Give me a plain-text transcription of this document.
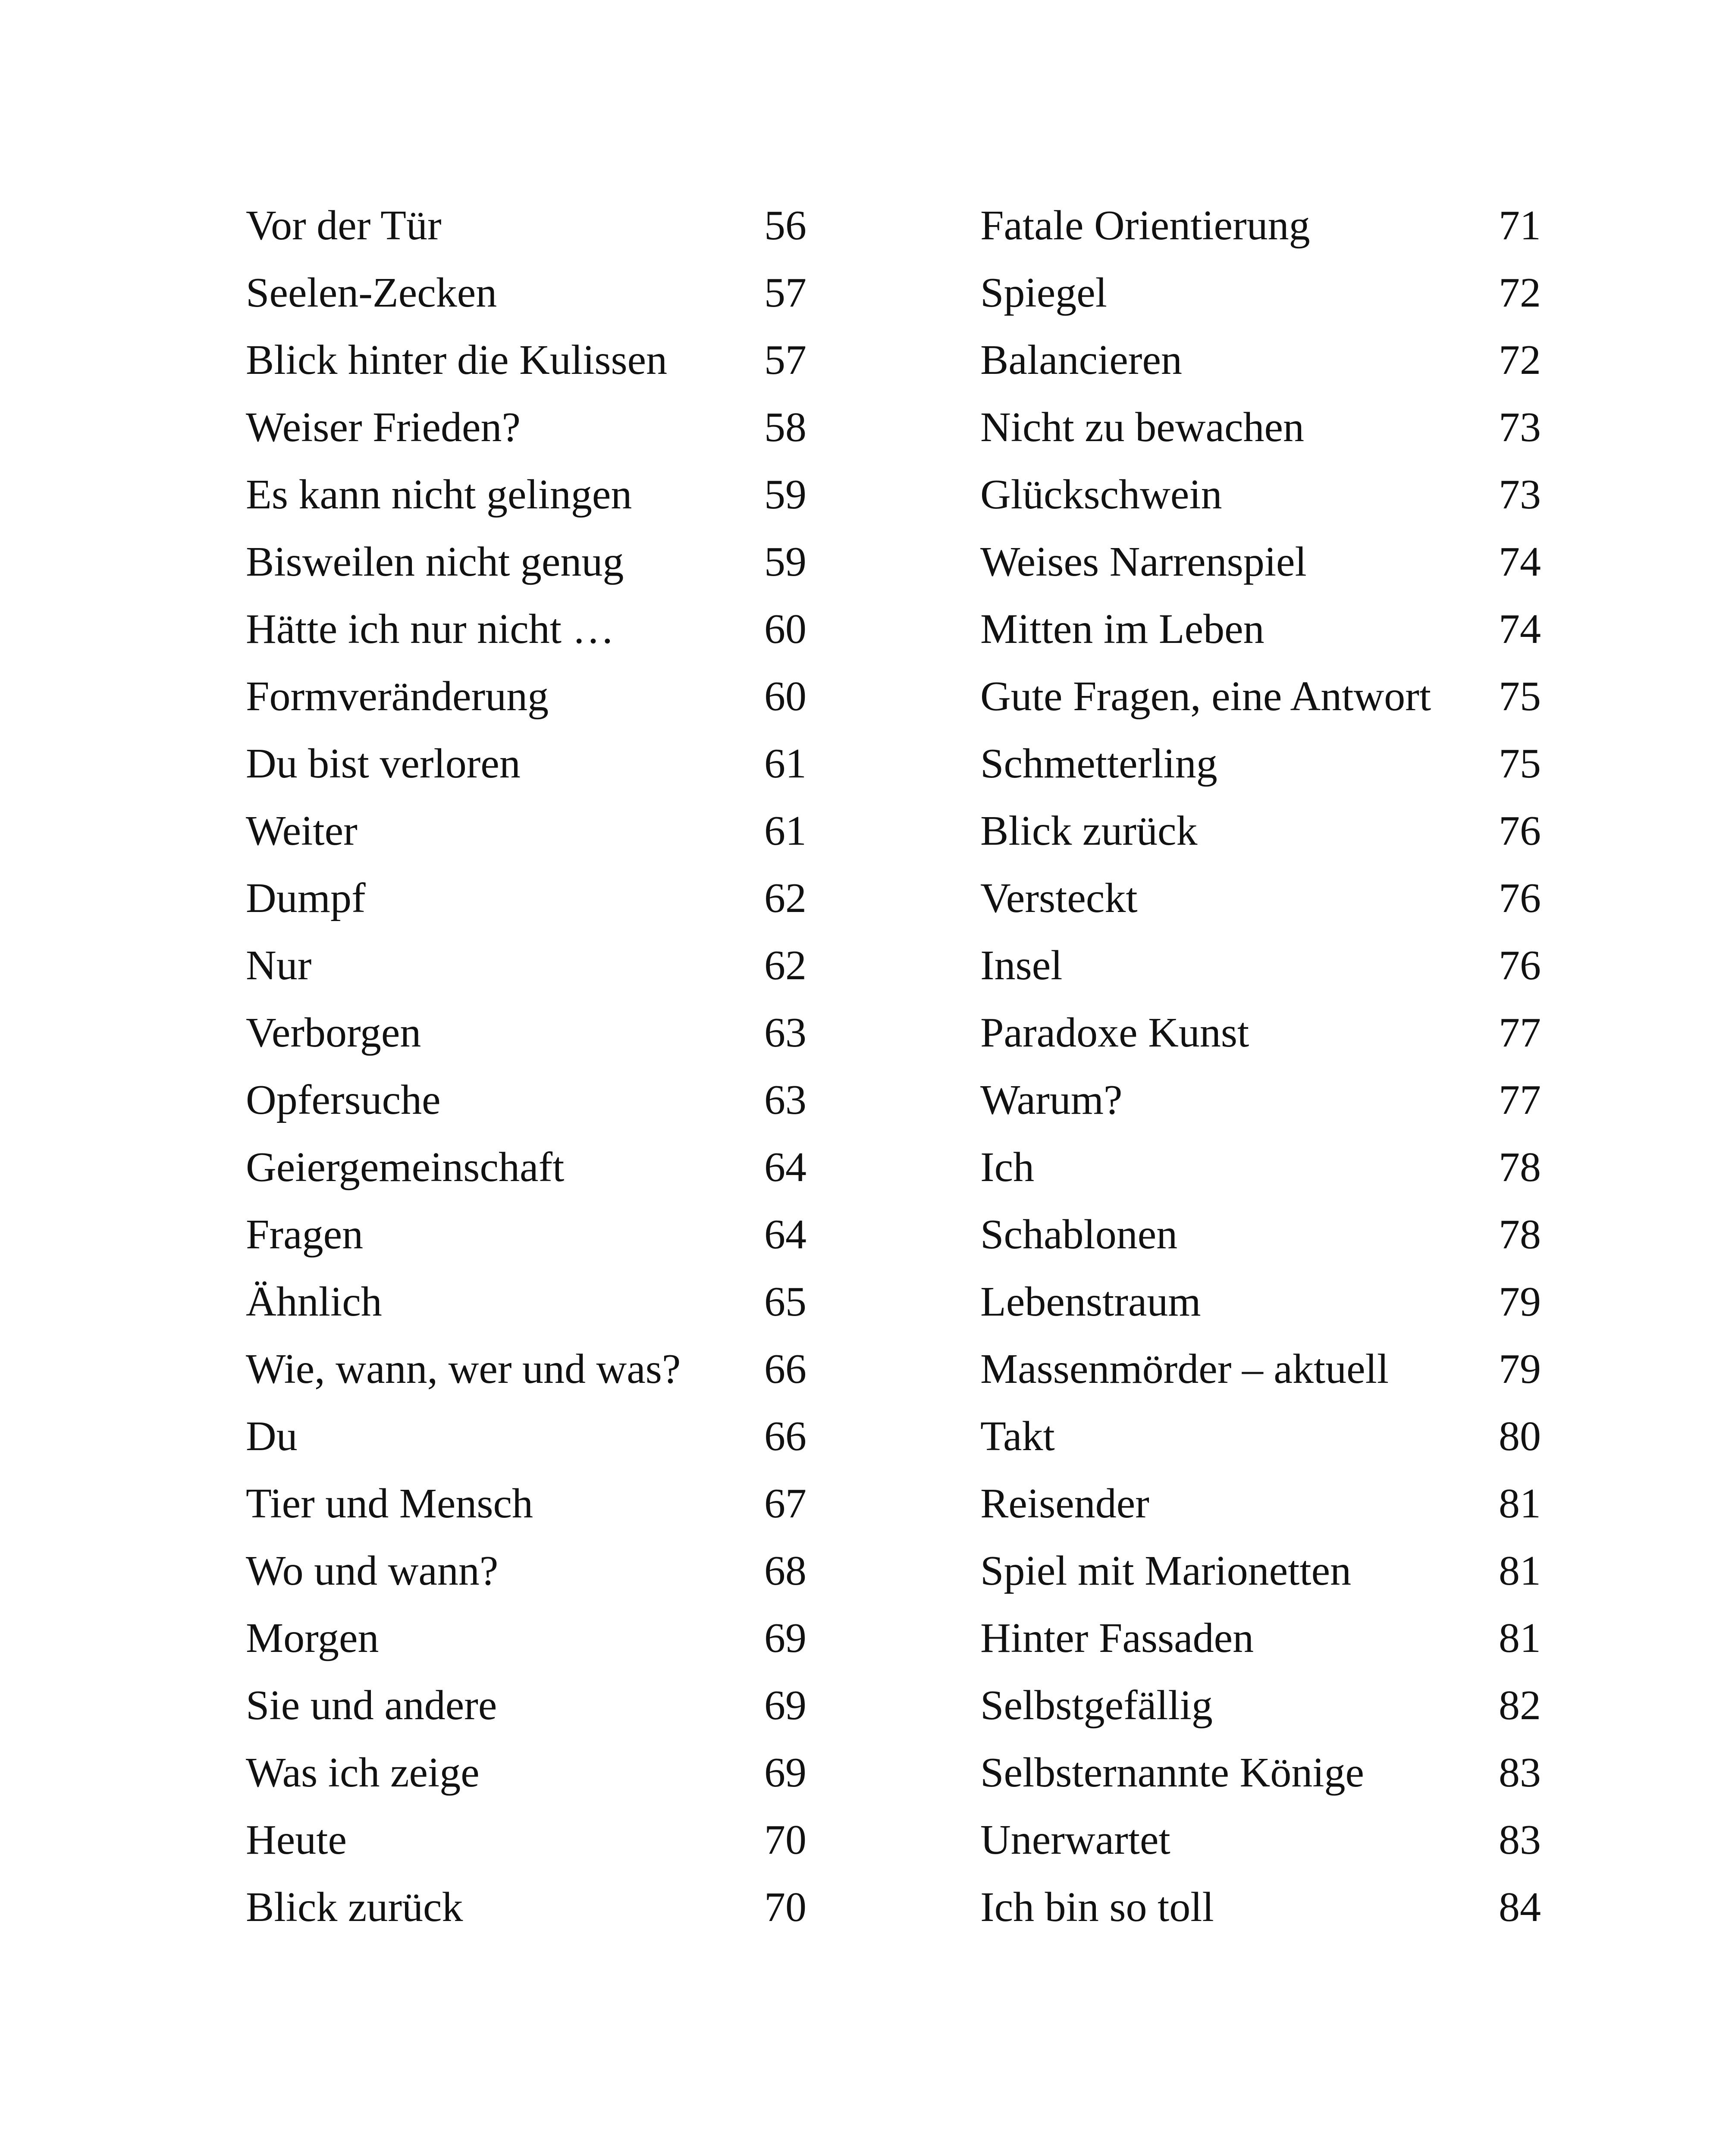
Vor der Tür	56
Seelen-Zecken	57
Blick hinter die Kulissen 57
Weiser Frieden?	58
Es kann nicht gelingen	59
Bisweilen nicht genug	59
Hätte ich nur nicht …	60
Formveränderung	60
Du bist verloren	61
Weiter	61
Dumpf	62
Nur	62
Verborgen	63
Opfersuche	63
Geiergemeinschaft	64
Fragen	64
Ähnlich	65
Wie, wann, wer und was? 66
Du	66
Tier und Mensch	67
Wo und wann?	68
Morgen	69
Sie und andere	69
Was ich zeige	69
Heute	70
Blick zurück	70
Fatale Orientierung	71
Spiegel	72
Balancieren	72
Nicht zu bewachen	73
Glückschwein	73
Weises Narrenspiel	74
Mitten im Leben	74
Gute Fragen, eine Antwort 75
Schmetterling	75
Blick zurück	76
Versteckt	76
Insel	76
Paradoxe Kunst	77
Warum?	77
Ich	78
Schablonen	78
Lebenstraum	79
Massenmörder – aktuell	79
Takt	80
Reisender	81
Spiel mit Marionetten	81
Hinter Fassaden	81
Selbstgefällig	82
Selbsternannte Könige	83
Unerwartet	83
Ich bin so toll	84
